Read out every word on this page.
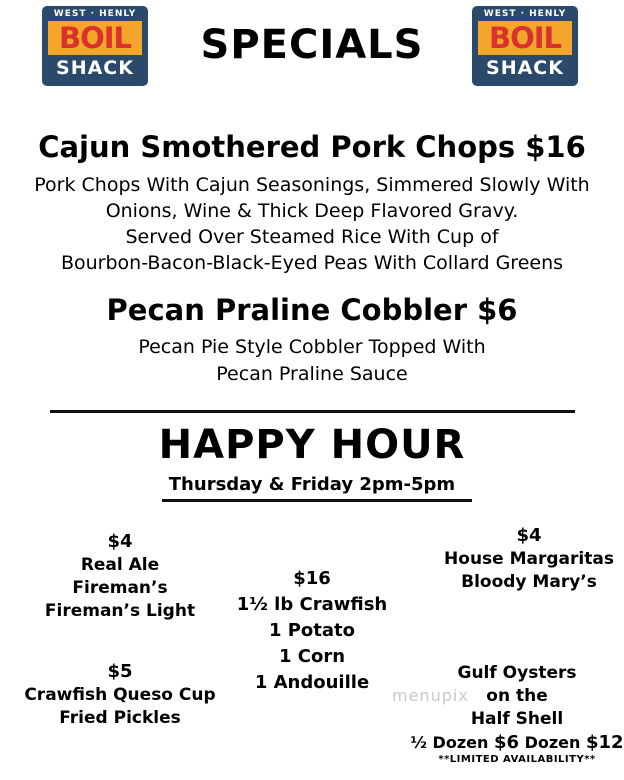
WEST · HENLY
BOIL
SHACK
WEST · HENLY
BOIL
SHACK
SPECIALS
Cajun Smothered Pork Chops $16
Pork Chops With Cajun Seasonings, Simmered Slowly With
Onions, Wine & Thick Deep Flavored Gravy.
Served Over Steamed Rice With Cup of
Bourbon-Bacon-Black-Eyed Peas With Collard Greens
Pecan Praline Cobbler $6
Pecan Pie Style Cobbler Topped With
Pecan Praline Sauce
HAPPY HOUR
Thursday & Friday 2pm-5pm
$4
Real Ale
Fireman’s
Fireman’s Light
$5
Crawfish Queso Cup
Fried Pickles
$16
1½ lb Crawfish
1 Potato
1 Corn
1 Andouille
$4
House Margaritas
Bloody Mary’s
menupix
Gulf Oysters
on the
Half Shell
½ Dozen $6 Dozen $12
**LIMITED AVAILABILITY**
